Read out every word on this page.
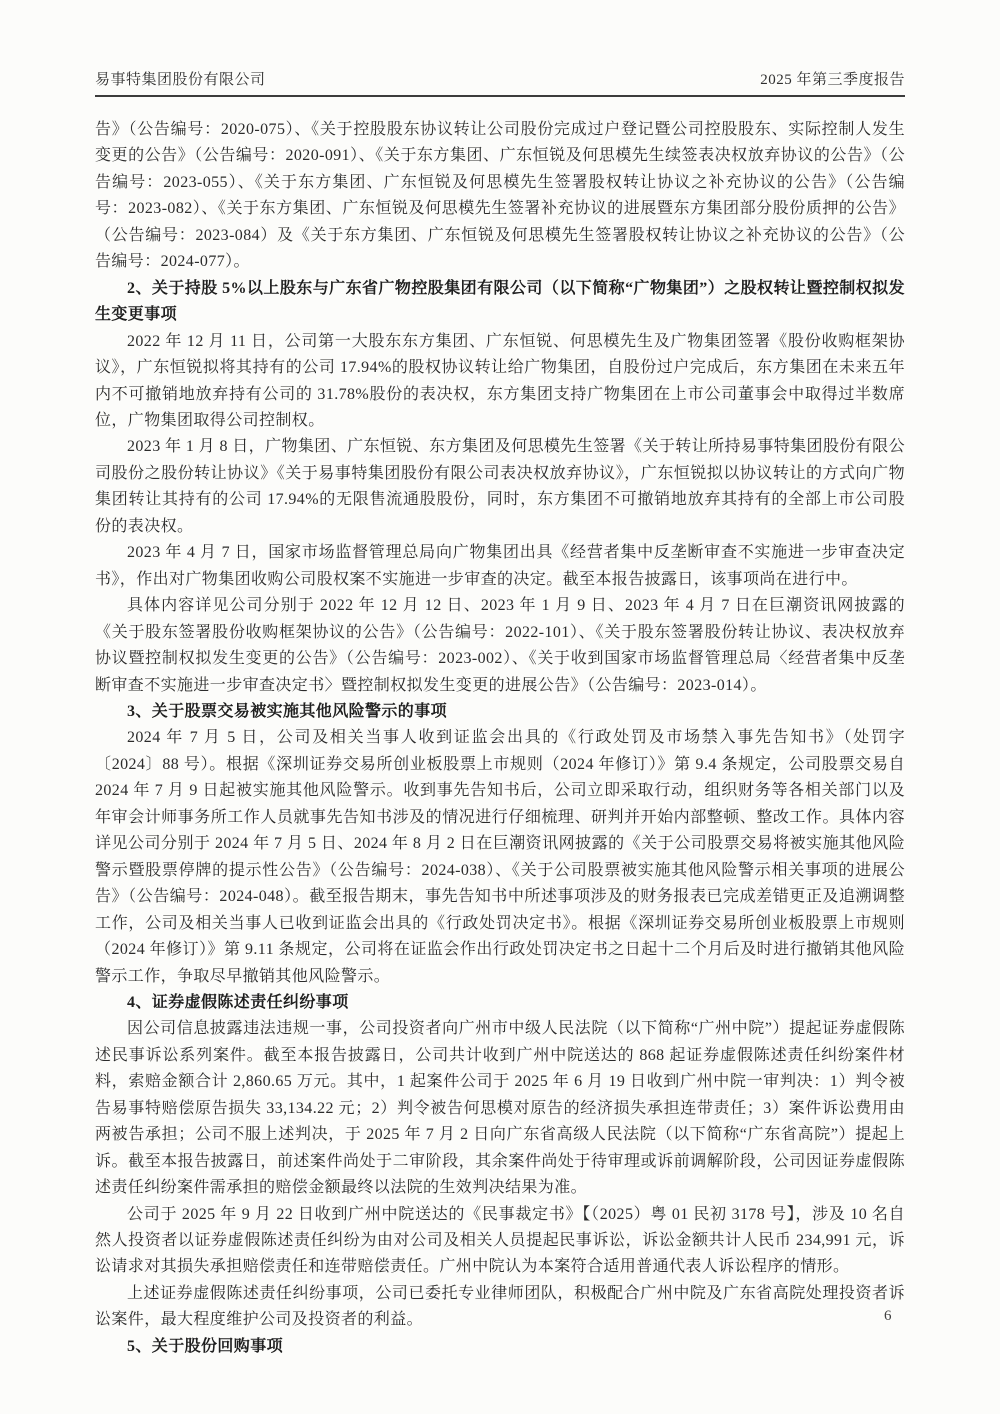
易事特集团股份有限公司	2025 年第三季度报告

告》（公告编号：2020-075）、《关于控股股东协议转让公司股份完成过户登记暨公司控股股东、实际控制人发生变更的公告》（公告编号：2020-091）、《关于东方集团、广东恒锐及何思模先生续签表决权放弃协议的公告》（公告编号：2023-055）、《关于东方集团、广东恒锐及何思模先生签署股权转让协议之补充协议的公告》（公告编号：2023-082）、《关于东方集团、广东恒锐及何思模先生签署补充协议的进展暨东方集团部分股份质押的公告》（公告编号：2023-084）及《关于东方集团、广东恒锐及何思模先生签署股权转让协议之补充协议的公告》（公告编号：2024-077）。

2、关于持股 5%以上股东与广东省广物控股集团有限公司（以下简称“广物集团”）之股权转让暨控制权拟发生变更事项

2022 年 12 月 11 日，公司第一大股东东方集团、广东恒锐、何思模先生及广物集团签署《股份收购框架协议》，广东恒锐拟将其持有的公司 17.94%的股权协议转让给广物集团，自股份过户完成后，东方集团在未来五年内不可撤销地放弃持有公司的 31.78%股份的表决权，东方集团支持广物集团在上市公司董事会中取得过半数席位，广物集团取得公司控制权。

2023 年 1 月 8 日，广物集团、广东恒锐、东方集团及何思模先生签署《关于转让所持易事特集团股份有限公司股份之股份转让协议》《关于易事特集团股份有限公司表决权放弃协议》，广东恒锐拟以协议转让的方式向广物集团转让其持有的公司 17.94%的无限售流通股股份，同时，东方集团不可撤销地放弃其持有的全部上市公司股份的表决权。

2023 年 4 月 7 日，国家市场监督管理总局向广物集团出具《经营者集中反垄断审查不实施进一步审查决定书》，作出对广物集团收购公司股权案不实施进一步审查的决定。截至本报告披露日，该事项尚在进行中。

具体内容详见公司分别于 2022 年 12 月 12 日、2023 年 1 月 9 日、2023 年 4 月 7 日在巨潮资讯网披露的《关于股东签署股份收购框架协议的公告》（公告编号：2022-101）、《关于股东签署股份转让协议、表决权放弃协议暨控制权拟发生变更的公告》（公告编号：2023-002）、《关于收到国家市场监督管理总局〈经营者集中反垄断审查不实施进一步审查决定书〉暨控制权拟发生变更的进展公告》（公告编号：2023-014）。

3、关于股票交易被实施其他风险警示的事项

2024 年 7 月 5 日，公司及相关当事人收到证监会出具的《行政处罚及市场禁入事先告知书》（处罚字〔2024〕88 号）。根据《深圳证券交易所创业板股票上市规则（2024 年修订）》第 9.4 条规定，公司股票交易自 2024 年 7 月 9 日起被实施其他风险警示。收到事先告知书后，公司立即采取行动，组织财务等各相关部门以及年审会计师事务所工作人员就事先告知书涉及的情况进行仔细梳理、研判并开始内部整顿、整改工作。具体内容详见公司分别于 2024 年 7 月 5 日、2024 年 8 月 2 日在巨潮资讯网披露的《关于公司股票交易将被实施其他风险警示暨股票停牌的提示性公告》（公告编号：2024-038）、《关于公司股票被实施其他风险警示相关事项的进展公告》（公告编号：2024-048）。截至报告期末，事先告知书中所述事项涉及的财务报表已完成差错更正及追溯调整工作，公司及相关当事人已收到证监会出具的《行政处罚决定书》。根据《深圳证券交易所创业板股票上市规则（2024 年修订）》第 9.11 条规定，公司将在证监会作出行政处罚决定书之日起十二个月后及时进行撤销其他风险警示工作，争取尽早撤销其他风险警示。

4、证券虚假陈述责任纠纷事项

因公司信息披露违法违规一事，公司投资者向广州市中级人民法院（以下简称“广州中院”）提起证券虚假陈述民事诉讼系列案件。截至本报告披露日，公司共计收到广州中院送达的 868 起证券虚假陈述责任纠纷案件材料，索赔金额合计 2,860.65 万元。其中，1 起案件公司于 2025 年 6 月 19 日收到广州中院一审判决：1）判令被告易事特赔偿原告损失 33,134.22 元；2）判令被告何思模对原告的经济损失承担连带责任；3）案件诉讼费用由两被告承担；公司不服上述判决，于 2025 年 7 月 2 日向广东省高级人民法院（以下简称“广东省高院”）提起上诉。截至本报告披露日，前述案件尚处于二审阶段，其余案件尚处于待审理或诉前调解阶段，公司因证券虚假陈述责任纠纷案件需承担的赔偿金额最终以法院的生效判决结果为准。

公司于 2025 年 9 月 22 日收到广州中院送达的《民事裁定书》【（2025）粤 01 民初 3178 号】，涉及 10 名自然人投资者以证券虚假陈述责任纠纷为由对公司及相关人员提起民事诉讼，诉讼金额共计人民币 234,991 元，诉讼请求对其损失承担赔偿责任和连带赔偿责任。广州中院认为本案符合适用普通代表人诉讼程序的情形。

上述证券虚假陈述责任纠纷事项，公司已委托专业律师团队，积极配合广州中院及广东省高院处理投资者诉讼案件，最大程度维护公司及投资者的利益。

5、关于股份回购事项

6
